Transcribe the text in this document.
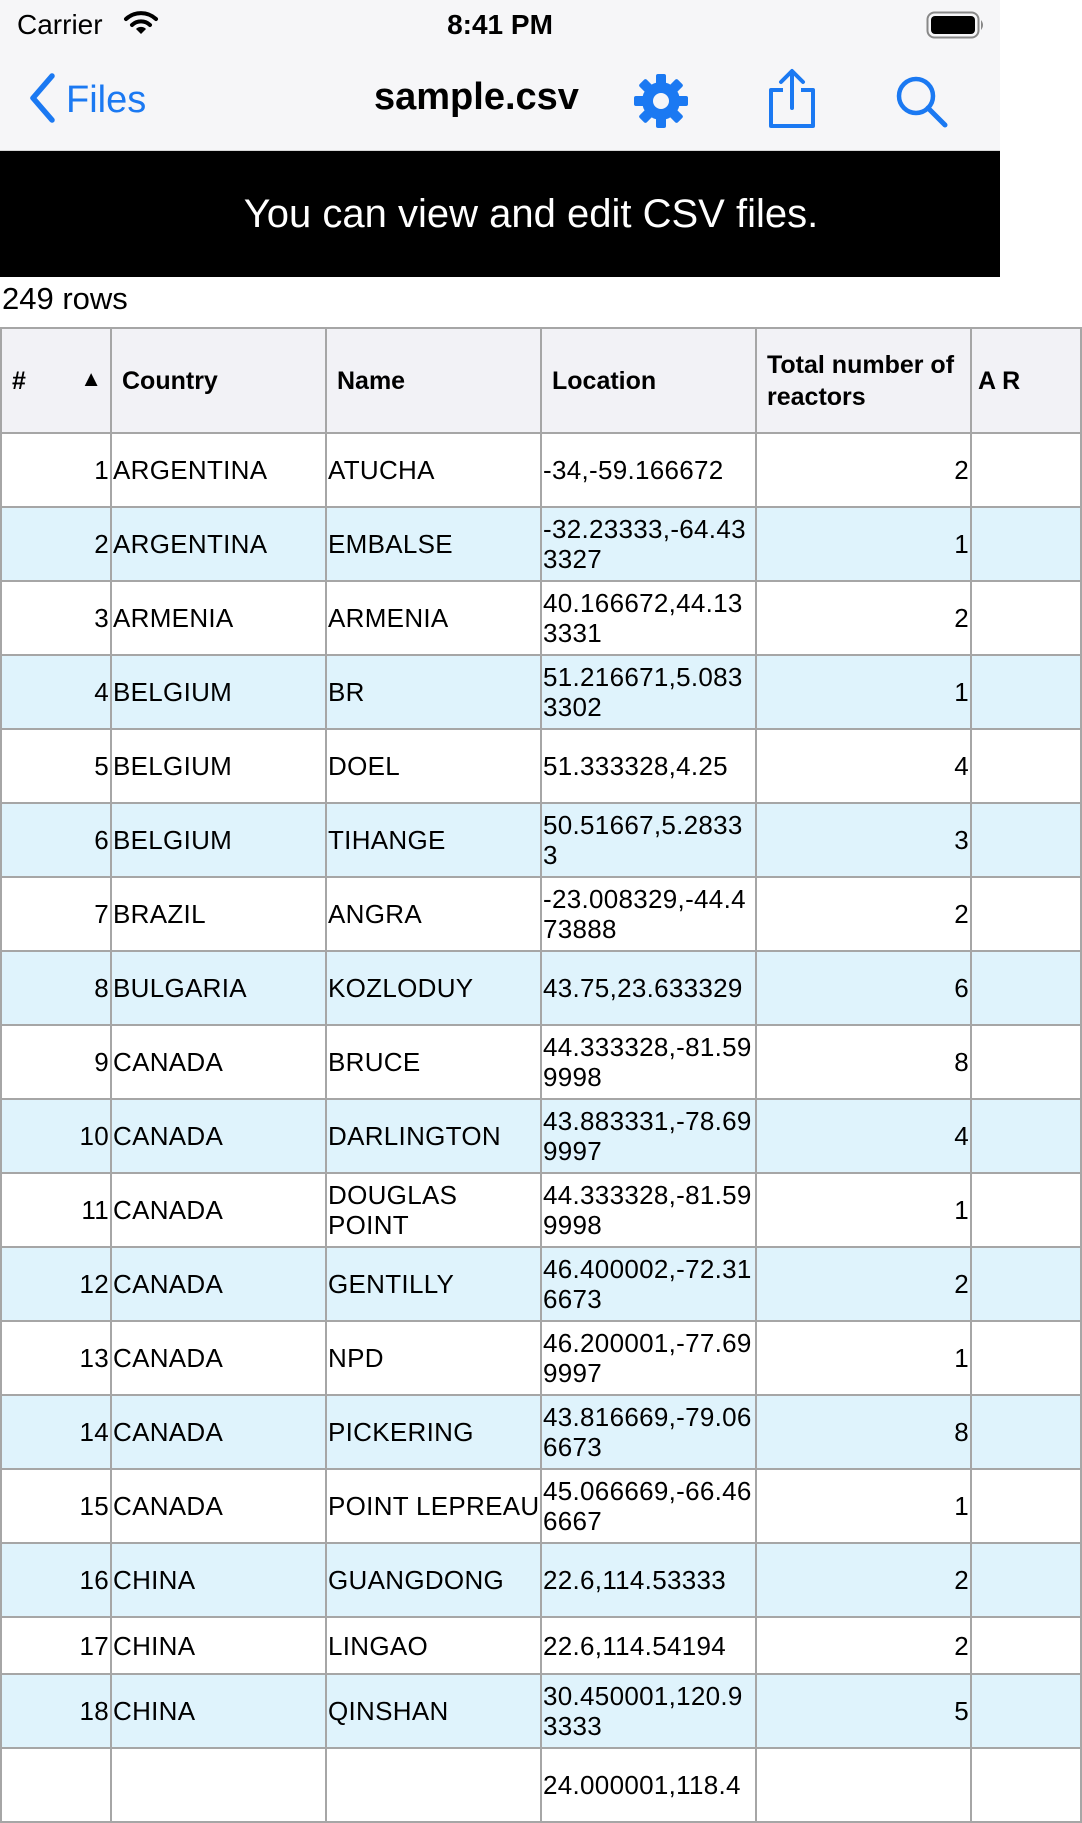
Carrier	8:41 PM
Files	sample.csv
You can view and edit CSV files.
249 rows
# ▲	Country	Name	Location	Total number of reactors	A R
1	ARGENTINA	ATUCHA	-34,-59.166672	2	
2	ARGENTINA	EMBALSE	-32.23333,-64.433327	1	
3	ARMENIA	ARMENIA	40.166672,44.133331	2	
4	BELGIUM	BR	51.216671,5.0833302	1	
5	BELGIUM	DOEL	51.333328,4.25	4	
6	BELGIUM	TIHANGE	50.51667,5.28333	3	
7	BRAZIL	ANGRA	-23.008329,-44.473888	2	
8	BULGARIA	KOZLODUY	43.75,23.633329	6	
9	CANADA	BRUCE	44.333328,-81.599998	8	
10	CANADA	DARLINGTON	43.883331,-78.699997	4	
11	CANADA	DOUGLAS POINT	44.333328,-81.599998	1	
12	CANADA	GENTILLY	46.400002,-72.316673	2	
13	CANADA	NPD	46.200001,-77.699997	1	
14	CANADA	PICKERING	43.816669,-79.066673	8	
15	CANADA	POINT LEPREAU	45.066669,-66.466667	1	
16	CHINA	GUANGDONG	22.6,114.53333	2	
17	CHINA	LINGAO	22.6,114.54194	2	
18	CHINA	QINSHAN	30.450001,120.93333	5	
			24.000001,118.4		
